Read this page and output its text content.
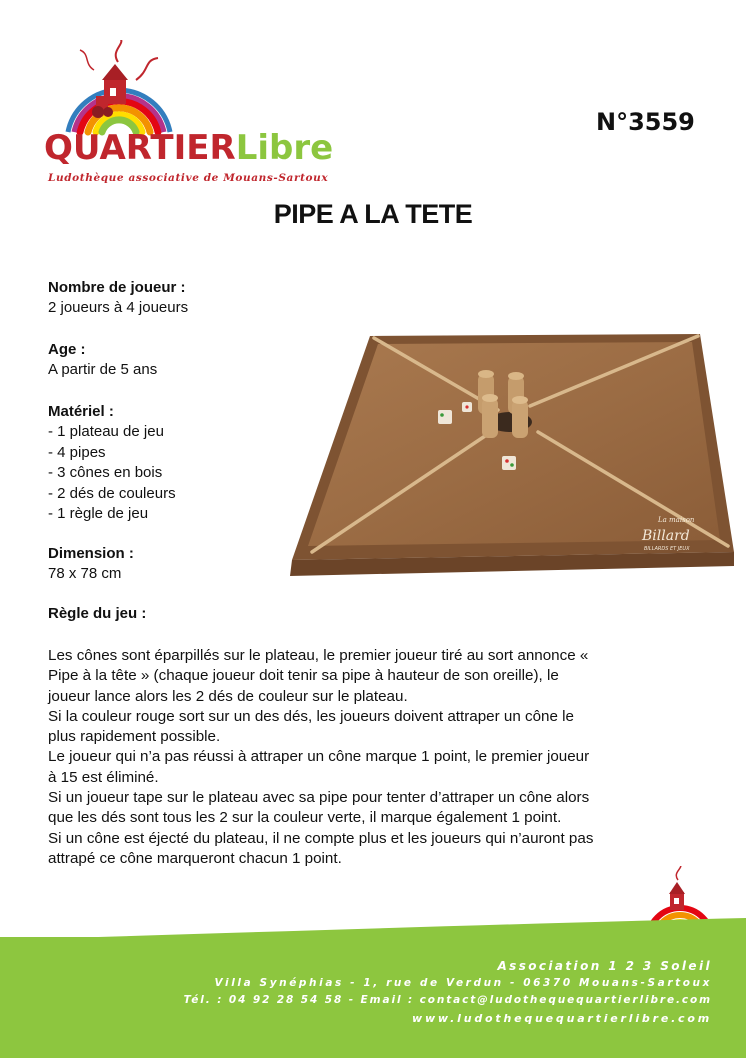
QUARTIERLibre
Ludothèque associative de Mouans-Sartoux
N°3559
PIPE A LA TETE
Nombre de joueur :
2 joueurs à 4 joueurs
Age :
A partir de 5 ans
Matériel :
- 1 plateau de jeu
- 4 pipes
- 3 cônes en bois
- 2 dés de couleurs
- 1 règle de jeu
Dimension :
78 x 78 cm
Règle du jeu :

Les cônes sont éparpillés sur le plateau, le premier joueur tiré au sort annonce «

Pipe à la tête » (chaque joueur doit tenir sa pipe à hauteur de son oreille), le

joueur lance alors les 2 dés de couleur sur le plateau.

Si la couleur rouge sort sur un des dés, les joueurs doivent attraper un cône le

plus rapidement possible.

Le joueur qui n’a pas réussi à attraper un cône marque 1 point, le premier joueur

à 15 est éliminé.

Si un joueur tape sur le plateau avec sa pipe pour tenter d’attraper un cône alors

que les dés sont tous les 2 sur la couleur verte, il marque également 1 point.

Si un cône est éjecté du plateau, il ne compte plus et les joueurs qui n’auront pas

attrapé ce cône marqueront chacun 1 point.

La maison
Billard
BILLARDS ET JEUX
Association 1 2 3 Soleil
Villa Synéphias - 1, rue de Verdun - 06370 Mouans-Sartoux
Tél. : 04 92 28 54 58 - Email : contact@ludothequequartierlibre.com
www.ludothequequartierlibre.com
